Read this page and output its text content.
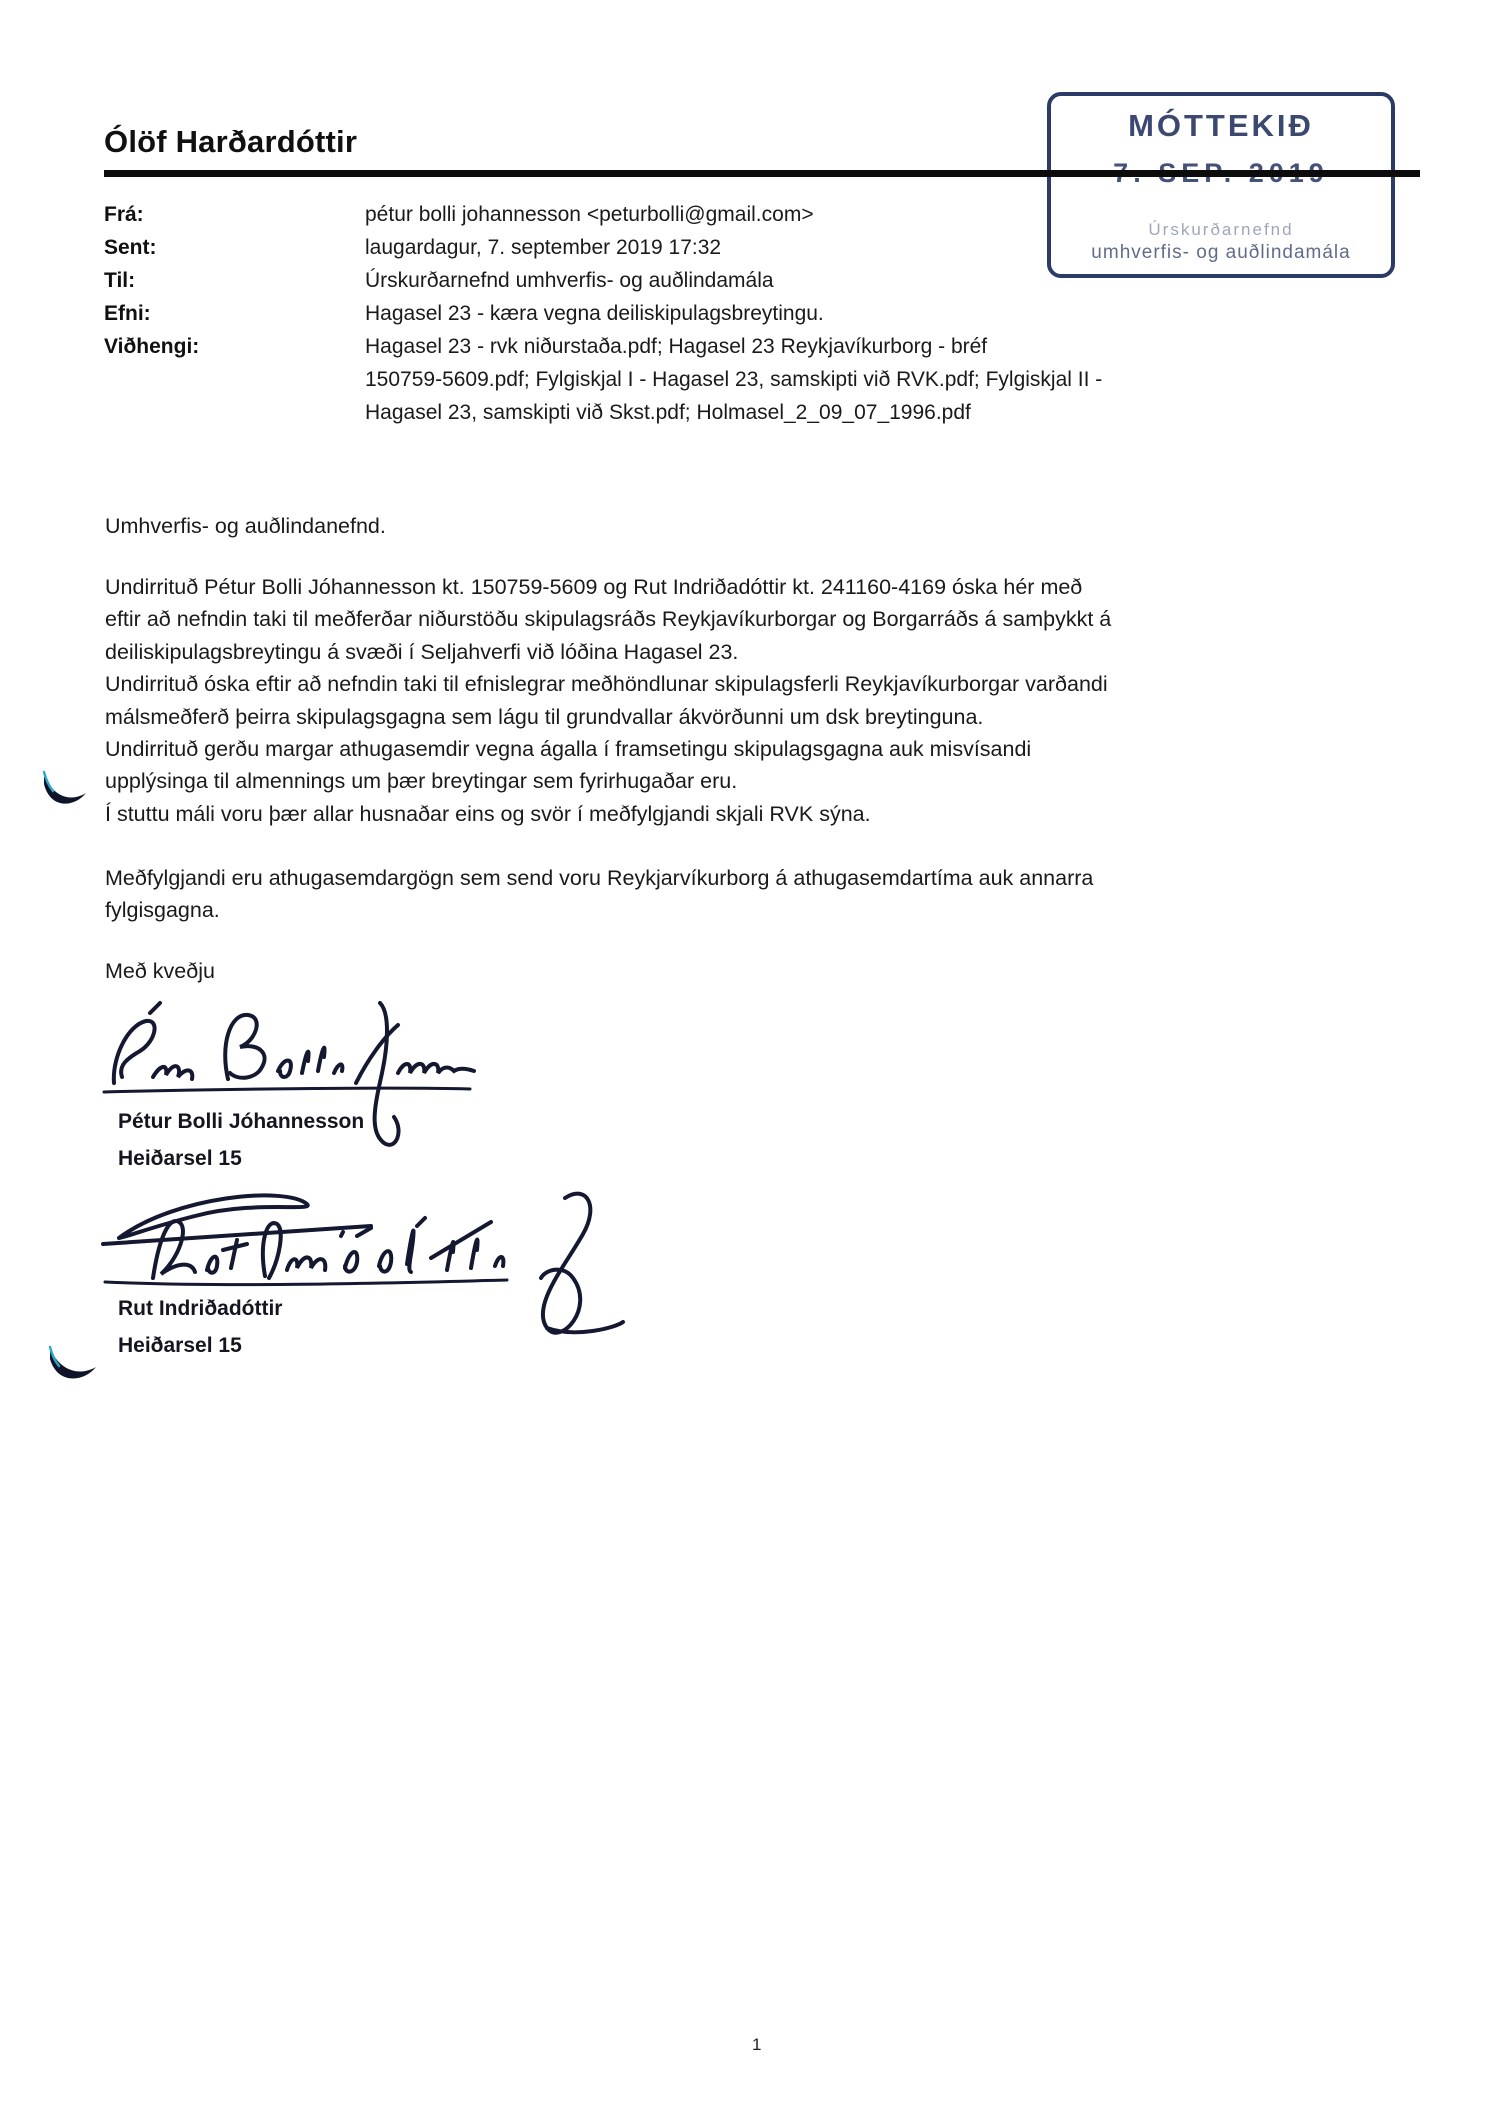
Ólöf Harðardóttir	MÓTTEKIÐ
Úrskurðarnefnd
umhverfis- og auðlindamála
Frá:	pétur bolli johannesson <peturbolli@gmail.com>
Sent:	laugardagur, 7. september 2019 17:32
Til:	Úrskurðarnefnd umhverfis- og auðlindamála
Efni:	Hagasel 23 - kæra vegna deiliskipulagsbreytingu.
Viðhengi:	Hagasel 23 - rvk niðurstaða.pdf; Hagasel 23 Reykjavíkurborg - bréf
150759-5609.pdf; Fylgiskjal I - Hagasel 23, samskipti við RVK.pdf; Fylgiskjal II -
Hagasel 23, samskipti við Skst.pdf; Holmasel_2_09_07_1996.pdf
Umhverfis- og auðlindanefnd.
Undirrituð Pétur Bolli Jóhannesson kt. 150759-5609 og Rut Indriðadóttir kt. 241160-4169 óska hér með
eftir að nefndin taki til meðferðar niðurstöðu skipulagsráðs Reykjavíkurborgar og Borgarráðs á samþykkt á
deiliskipulagsbreytingu á svæði í Seljahverfi við lóðina Hagasel 23.
Undirrituð óska eftir að nefndin taki til efnislegrar meðhöndlunar skipulagsferli Reykjavíkurborgar varðandi
málsmeðferð þeirra skipulagsgagna sem lágu til grundvallar ákvörðunni um dsk breytinguna.
Undirrituð gerðu margar athugasemdir vegna ágalla í framsetingu skipulagsgagna auk misvísandi
upplýsinga til almennings um þær breytingar sem fyrirhugaðar eru.
Í stuttu máli voru þær allar husnaðar eins og svör í meðfylgjandi skjali RVK sýna.
Meðfylgjandi eru athugasemdargögn sem send voru Reykjarvíkurborg á athugasemdartíma auk annarra
fylgisgagna.
Með kveðju
Pétur Bolli Jóhannesson
Heiðarsel 15
Rut Indriðadóttir
Heiðarsel 15
1
